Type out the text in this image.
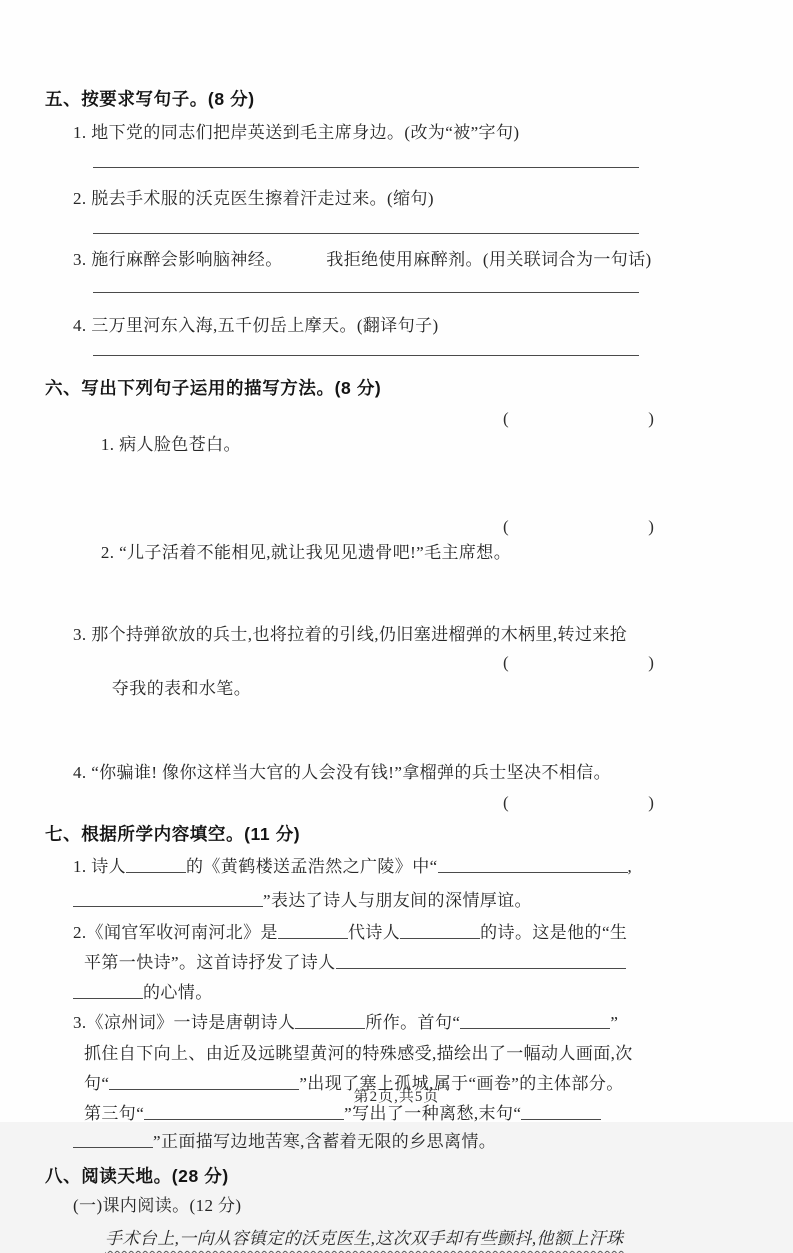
五、按要求写句子。(8 分)
1. 地下党的同志们把岸英送到毛主席身边。(改为“被”字句)
2. 脱去手术服的沃克医生擦着汗走过来。(缩句)
3. 施行麻醉会影响脑神经。　　　我拒绝使用麻醉剂。(用关联词合为一句话)
4. 三万里河东入海,五千仞岳上摩天。(翻译句子)
六、写出下列句子运用的描写方法。(8 分)

1. 病人脸色苍白。

(　　　　　　　　)

2. “儿子活着不能相见,就让我见见遗骨吧!”毛主席想。

(　　　　　　　　)

3. 那个持弹欲放的兵士,也将拉着的引线,仍旧塞进榴弹的木柄里,转过来抢

夺我的表和水笔。

(　　　　　　　　)

4. “你骗谁! 像你这样当大官的人会没有钱!”拿榴弹的兵士坚决不相信。

(　　　　　　　　)

七、根据所学内容填空。(11 分)
1. 诗人	的《黄鹤楼送孟浩然之广陵》中“	,
”表达了诗人与朋友间的深情厚谊。
2.《闻官军收河南河北》是	代诗人	的诗。这是他的“生
平第一快诗”。这首诗抒发了诗人
的心情。
3.《凉州词》一诗是唐朝诗人	所作。首句“	”
抓住自下向上、由近及远眺望黄河的特殊感受,描绘出了一幅动人画面,次
句“	”出现了塞上孤城,属于“画卷”的主体部分。
第三句“	”写出了一种离愁,末句“
”正面描写边地苦寒,含蓄着无限的乡思离情。
八、阅读天地。(28 分)
(一)课内阅读。(12 分)
手术台上,一向从容镇定的沃克医生,这次双手却有些颤抖,他额上汗珠
第2页,共5页
